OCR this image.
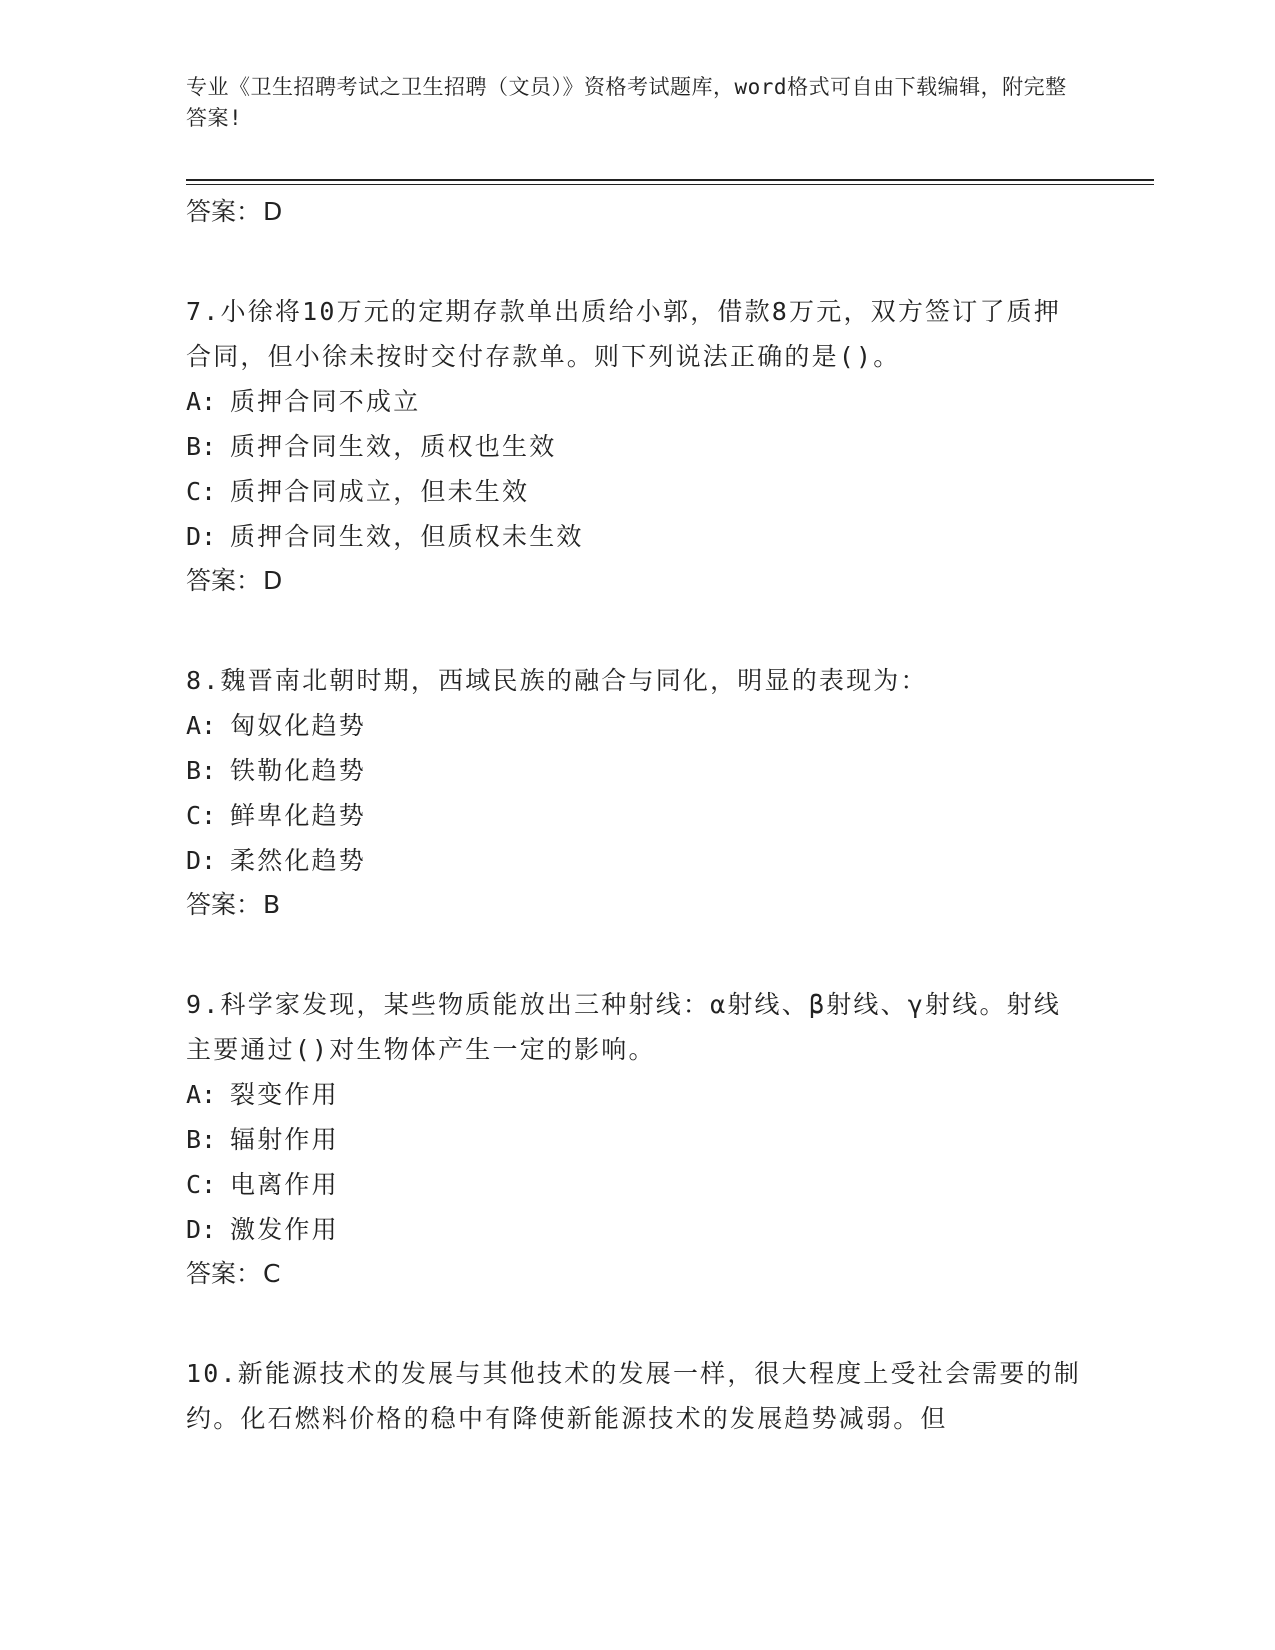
专业《卫生招聘考试之卫生招聘（文员）》资格考试题库，word格式可自由下载编辑，附完整答案!

答案：D

7.小徐将10万元的定期存款单出质给小郭，借款8万元，双方签订了质押合同，但小徐未按时交付存款单。则下列说法正确的是()。

A: 质押合同不成立

B: 质押合同生效，质权也生效

C: 质押合同成立，但未生效

D: 质押合同生效，但质权未生效

答案：D

8.魏晋南北朝时期，西域民族的融合与同化，明显的表现为：

A: 匈奴化趋势

B: 铁勒化趋势

C: 鲜卑化趋势

D: 柔然化趋势

答案：B

9.科学家发现，某些物质能放出三种射线：α射线、β射线、γ射线。射线主要通过()对生物体产生一定的影响。

A: 裂变作用

B: 辐射作用

C: 电离作用

D: 激发作用

答案：C

10.新能源技术的发展与其他技术的发展一样，很大程度上受社会需要的制约。化石燃料价格的稳中有降使新能源技术的发展趋势减弱。但
